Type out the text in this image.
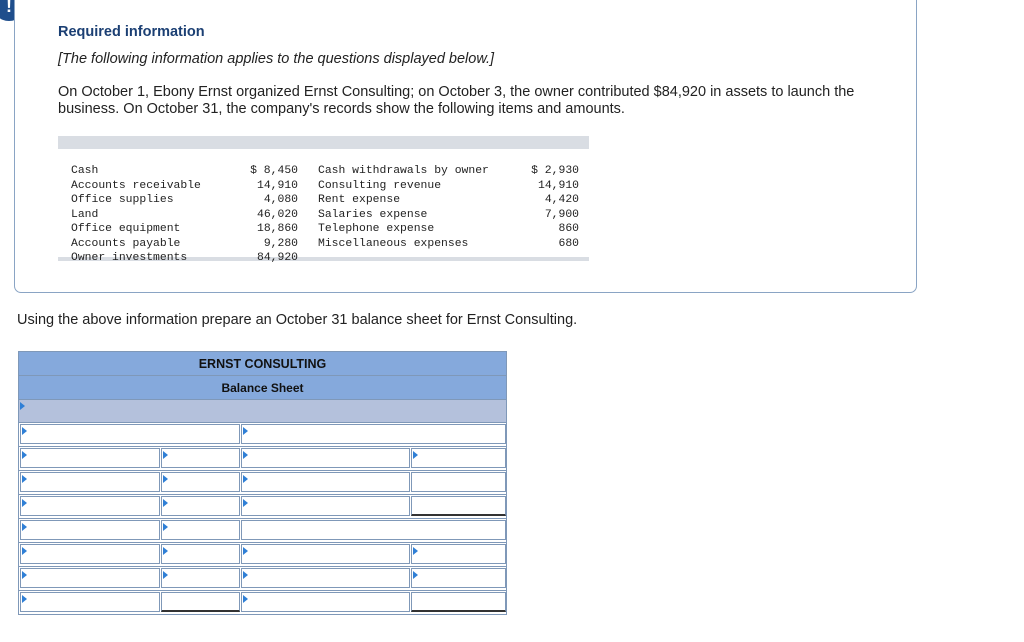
!
Required information
[The following information applies to the questions displayed below.]

On October 1, Ebony Ernst organized Ernst Consulting; on October 3, the owner contributed $84,920 in assets to launch the business. On October 31, the company's records show the following items and amounts.

Cash
Accounts receivable
Office supplies
Land
Office equipment
Accounts payable
Owner investments
$ 8,450
14,910
4,080
46,020
18,860
9,280
84,920
Cash withdrawals by owner
Consulting revenue
Rent expense
Salaries expense
Telephone expense
Miscellaneous expenses
$ 2,930
14,910
4,420
7,900
860
680
Using the above information prepare an October 31 balance sheet for Ernst Consulting.
ERNST CONSULTING
Balance Sheet
